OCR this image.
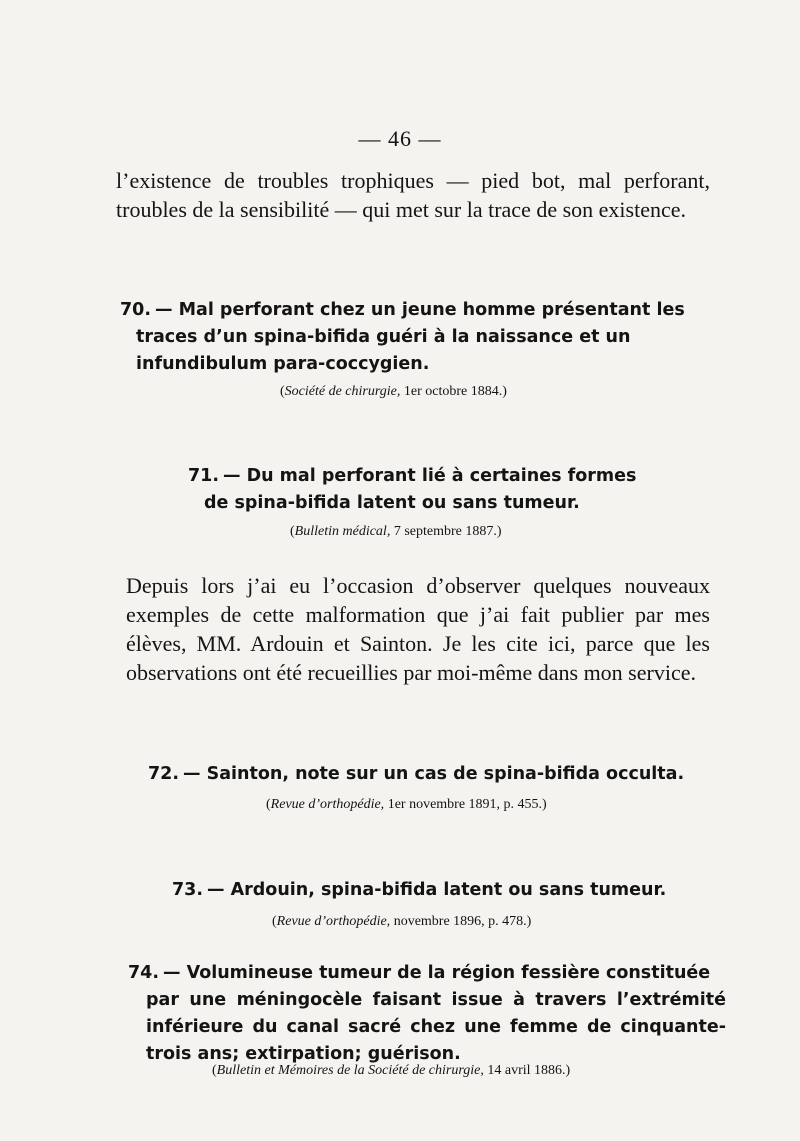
— 46 —

l’existence de troubles trophiques — pied bot, mal perforant, troubles de la sensibilité — qui met sur la trace de son existence.

70. — Mal perforant chez un jeune homme présentant les
traces d’un spina-bifida guéri à la naissance et un infundibulum para-coccygien.

(Société de chirurgie, 1er octobre 1884.)

71. — Du mal perforant lié à certaines formes
de spina-bifida latent ou sans tumeur.

(Bulletin médical, 7 septembre 1887.)

Depuis lors j’ai eu l’occasion d’observer quelques nouveaux exemples de cette malformation que j’ai fait publier par mes élèves, MM. Ardouin et Sainton. Je les cite ici, parce que les observations ont été recueillies par moi-même dans mon service.

72. — Sainton, note sur un cas de spina-bifida occulta.

(Revue d’orthopédie, 1er novembre 1891, p. 455.)

73. — Ardouin, spina-bifida latent ou sans tumeur.

(Revue d’orthopédie, novembre 1896, p. 478.)

74. — Volumineuse tumeur de la région fessière constituée
par une méningocèle faisant issue à travers l’extrémité inférieure du canal sacré chez une femme de cinquante-trois ans; extirpation; guérison.

(Bulletin et Mémoires de la Société de chirurgie, 14 avril 1886.)
